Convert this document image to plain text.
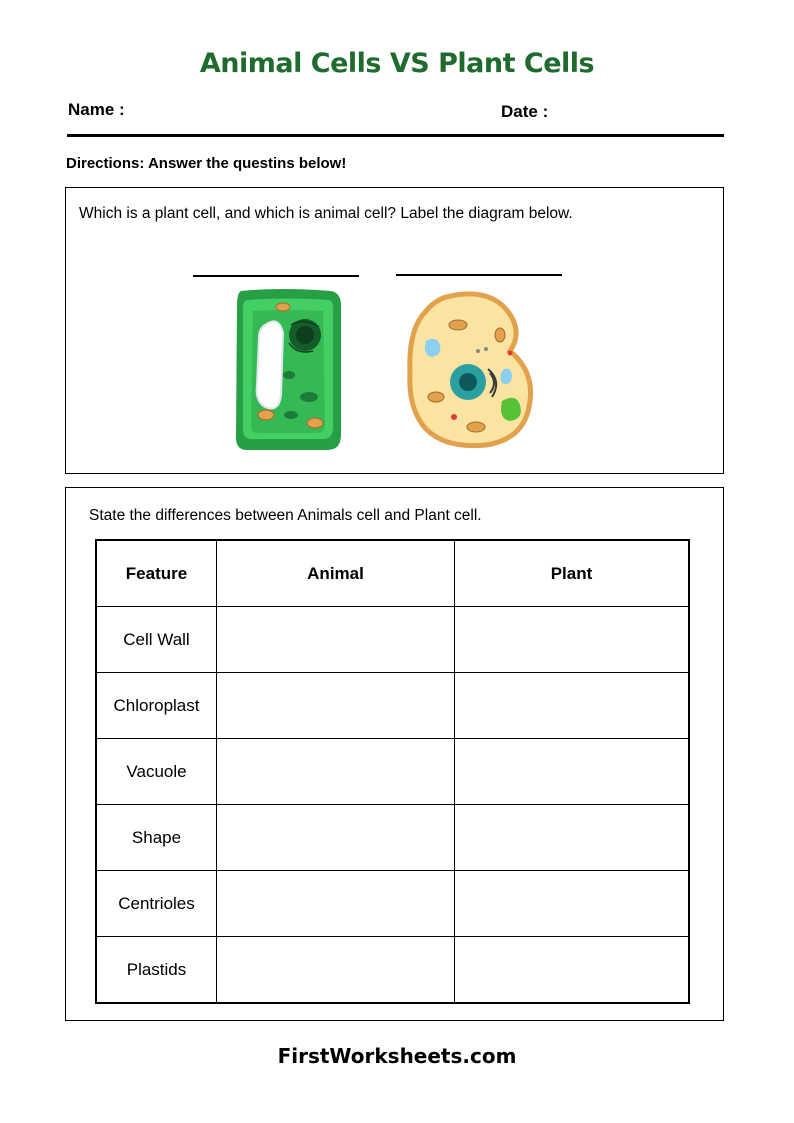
Animal Cells VS Plant Cells
Name :	Date :
Directions: Answer the questins below!
Which is a plant cell, and which is animal cell? Label the diagram below.
State the differences between Animals cell and Plant cell.
Feature	Animal	Plant
Cell Wall		
Chloroplast		
Vacuole		
Shape		
Centrioles		
Plastids		
FirstWorksheets.com
